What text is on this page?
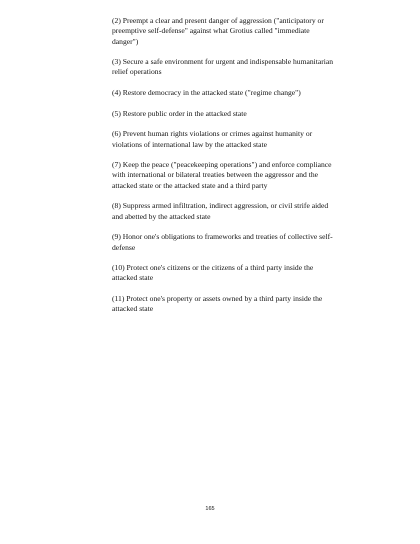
(2) Preempt a clear and present danger of aggression ("anticipatory or preemptive self-defense" against what Grotius called "immediate danger")
(3) Secure a safe environment for urgent and indispensable humanitarian relief operations
(4) Restore democracy in the attacked state ("regime change")
(5) Restore public order in the attacked state
(6) Prevent human rights violations or crimes against humanity or violations of international law by the attacked state
(7) Keep the peace ("peacekeeping operations") and enforce compliance with international or bilateral treaties between the aggressor and the attacked state or the attacked state and a third party
(8) Suppress armed infiltration, indirect aggression, or civil strife aided and abetted by the attacked state
(9) Honor one's obligations to frameworks and treaties of collective self-defense
(10) Protect one's citizens or the citizens of a third party inside the attacked state
(11) Protect one's property or assets owned by a third party inside the attacked state
165
